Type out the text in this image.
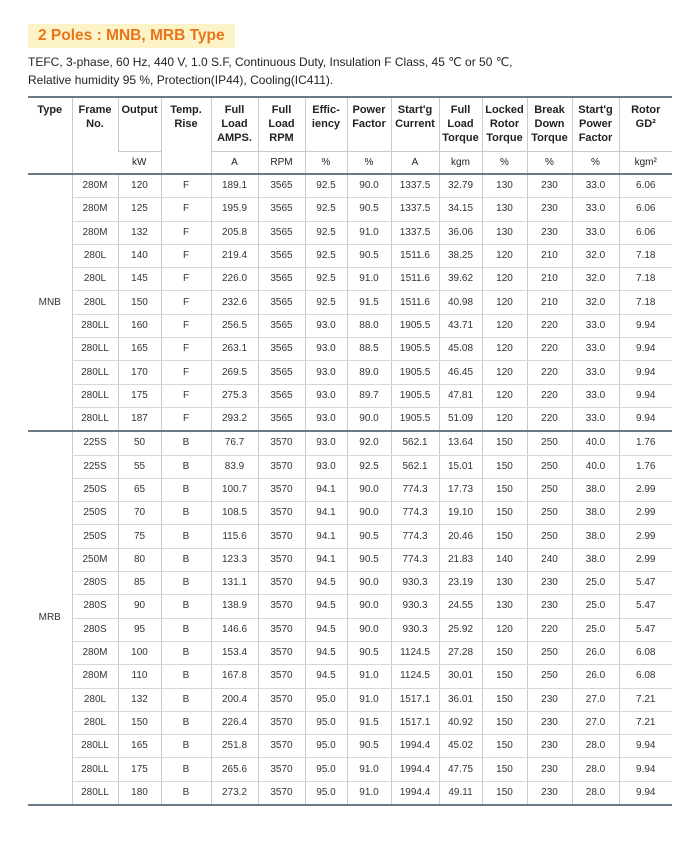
2 Poles : MNB, MRB Type
TEFC, 3-phase, 60 Hz, 440 V, 1.0 S.F, Continuous Duty, Insulation F Class, 45 ℃ or 50 ℃,
Relative humidity 95 %, Protection(IP44), Cooling(IC411).
Type	Frame No.	Output	Temp. Rise	Full Load AMPS.	Full Load RPM	Effic- iency	Power Factor	Start'g Current	Full Load Torque	Locked Rotor Torque	Break Down Torque	Start'g Power Factor	Rotor GD²
		kW		A	RPM	%	%	A	kgm	%	%	%	kgm²
MNB	280M	120	F	189.1	3565	92.5	90.0	1337.5	32.79	130	230	33.0	6.06
	280M	125	F	195.9	3565	92.5	90.5	1337.5	34.15	130	230	33.0	6.06
	280M	132	F	205.8	3565	92.5	91.0	1337.5	36.06	130	230	33.0	6.06
	280L	140	F	219.4	3565	92.5	90.5	1511.6	38.25	120	210	32.0	7.18
	280L	145	F	226.0	3565	92.5	91.0	1511.6	39.62	120	210	32.0	7.18
	280L	150	F	232.6	3565	92.5	91.5	1511.6	40.98	120	210	32.0	7.18
	280LL	160	F	256.5	3565	93.0	88.0	1905.5	43.71	120	220	33.0	9.94
	280LL	165	F	263.1	3565	93.0	88.5	1905.5	45.08	120	220	33.0	9.94
	280LL	170	F	269.5	3565	93.0	89.0	1905.5	46.45	120	220	33.0	9.94
	280LL	175	F	275.3	3565	93.0	89.7	1905.5	47.81	120	220	33.0	9.94
	280LL	187	F	293.2	3565	93.0	90.0	1905.5	51.09	120	220	33.0	9.94
MRB	225S	50	B	76.7	3570	93.0	92.0	562.1	13.64	150	250	40.0	1.76
	225S	55	B	83.9	3570	93.0	92.5	562.1	15.01	150	250	40.0	1.76
	250S	65	B	100.7	3570	94.1	90.0	774.3	17.73	150	250	38.0	2.99
	250S	70	B	108.5	3570	94.1	90.0	774.3	19.10	150	250	38.0	2.99
	250S	75	B	115.6	3570	94.1	90.5	774.3	20.46	150	250	38.0	2.99
	250M	80	B	123.3	3570	94.1	90.5	774.3	21.83	140	240	38.0	2.99
	280S	85	B	131.1	3570	94.5	90.0	930.3	23.19	130	230	25.0	5.47
	280S	90	B	138.9	3570	94.5	90.0	930.3	24.55	130	230	25.0	5.47
	280S	95	B	146.6	3570	94.5	90.0	930.3	25.92	120	220	25.0	5.47
	280M	100	B	153.4	3570	94.5	90.5	1124.5	27.28	150	250	26.0	6.08
	280M	110	B	167.8	3570	94.5	91.0	1124.5	30.01	150	250	26.0	6.08
	280L	132	B	200.4	3570	95.0	91.0	1517.1	36.01	150	230	27.0	7.21
	280L	150	B	226.4	3570	95.0	91.5	1517.1	40.92	150	230	27.0	7.21
	280LL	165	B	251.8	3570	95.0	90.5	1994.4	45.02	150	230	28.0	9.94
	280LL	175	B	265.6	3570	95.0	91.0	1994.4	47.75	150	230	28.0	9.94
	280LL	180	B	273.2	3570	95.0	91.0	1994.4	49.11	150	230	28.0	9.94
